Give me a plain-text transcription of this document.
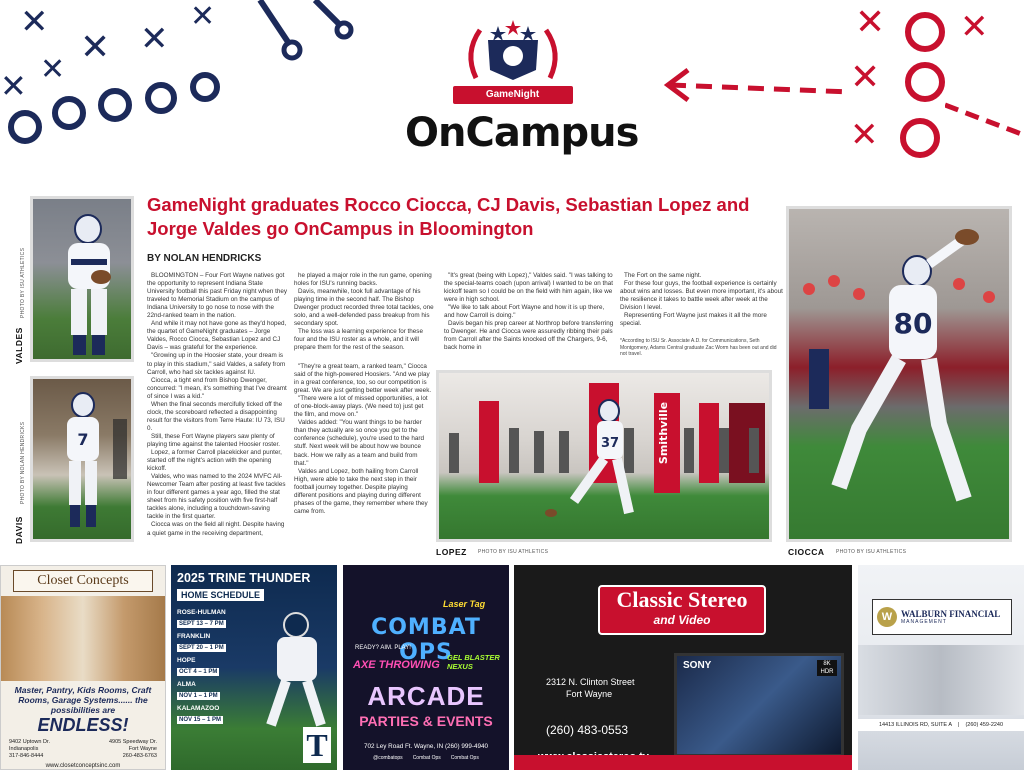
✕
✕ ✕
✕
✕ ✕
✕ ✕
✕
✕
GameNight
OnCampus
GameNight graduates Rocco Ciocca, CJ Davis, Sebastian Lopez and Jorge Valdes go OnCampus in Bloomington
BY NOLAN HENDRICKS

BLOOMINGTON – Four Fort Wayne natives got the opportunity to represent Indiana State University football this past Friday night when they traveled to Memorial Stadium on the campus of Indiana University to go nose to nose with the 22nd-ranked team in the nation.

And while it may not have gone as they'd hoped, the quartet of GameNight graduates – Jorge Valdes, Rocco Ciocca, Sebastian Lopez and CJ Davis – was grateful for the experience.

"Growing up in the Hoosier state, your dream is to play in this stadium," said Valdes, a safety from Carroll, who had six tackles against IU.

Ciocca, a tight end from Bishop Dwenger, concurred: "I mean, it's something that I've dreamt of since I was a kid."

When the final seconds mercifully ticked off the clock, the scoreboard reflected a disappointing result for the visitors from Terre Haute: IU 73, ISU 0.

Still, these Fort Wayne players saw plenty of playing time against the talented Hoosier roster.

Lopez, a former Carroll placekicker and punter, started off the night's action with the opening kickoff.

Valdes, who was named to the 2024 MVFC All-Newcomer Team after posting at least five tackles in four different games a year ago, filled the stat sheet from his safety position with five first-half tackles alone, including a touchdown-saving tackle in the first quarter.

Ciocca was on the field all night. Despite having a quiet game in the receiving department,

he played a major role in the run game, opening holes for ISU's running backs.

Davis, meanwhile, took full advantage of his playing time in the second half. The Bishop Dwenger product recorded three total tackles, one solo, and a well-defended pass breakup from his secondary spot.

The loss was a learning experience for these four and the ISU roster as a whole, and it will prepare them for the rest of the season.

"They're a great team, a ranked team," Ciocca said of the high-powered Hoosiers. "And we play in a great conference, too, so our competition is great. We are just getting better week after week.

"There were a lot of missed opportunities, a lot of one-block-away plays. (We need to) just get the film, and move on."

Valdes added: "You want things to be harder than they actually are so once you get to the conference (schedule), you're used to the hard stuff. Next week will be about how we bounce back. How we rally as a team and build from that."

Valdes and Lopez, both hailing from Carroll High, were able to take the next step in their football journey together. Despite playing different positions and playing during different phases of the game, they remember where they came from.

"It's great (being with Lopez)," Valdes said. "I was talking to the special-teams coach (upon arrival) I wanted to be on that kickoff team so I could be on the field with him again, like we were in high school.

"We like to talk about Fort Wayne and how it is up there, and how Carroll is doing."

Davis began his prep career at Northrop before transferring to Dwenger. He and Ciocca were assuredly ribbing their pals from Carroll after the Saints knocked off the Chargers, 9-6, back home in

The Fort on the same night.

For these four guys, the football experience is certainly about wins and losses. But even more important, it's about the resilience it takes to battle week after week at the Division I level.

Representing Fort Wayne just makes it all the more special.

*According to ISU Sr. Associate A.D. for Communications, Seth Montgomery, Adams Central graduate Zac Worm has been out and did not travel.
VALDES
PHOTO BY ISU ATHLETICS
7
DAVIS
PHOTO BY NOLAN HENDRICKS	Smithville
37
LOPEZ PHOTO BY ISU ATHLETICS
80
CIOCCA PHOTO BY ISU ATHLETICS
Closet Concepts
Master, Pantry, Kids Rooms, Craft Rooms, Garage Systems...... the possibilities are
ENDLESS!
9402 Uptown Dr.
Indianapolis
317-846-8444
4905 Speedway Dr.
Fort Wayne
260-483-6763
www.closetconceptsinc.com
2025 TRINE THUNDER
HOME SCHEDULE
ROSE-HULMAN
SEPT 13 – 7 PM
FRANKLIN
SEPT 20 – 1 PM
HOPE
OCT 4 – 1 PM
ALMA
NOV 1 – 1 PM
KALAMAZOO
NOV 15 – 1 PM
T
Laser Tag
COMBAT OPS
READY? AIM. PLAY!
AXE THROWING
GEL BLASTER NEXUS
ARCADE
PARTIES & EVENTS
702 Ley Road Ft. Wayne, IN (260) 999-4940
@combatops Combat Ops Combat Ops
Classic Stereo
and Video
2312 N. Clinton Street
Fort Wayne
(260) 483-0553
SONY	8K
HDR
W WALBURN FINANCIAL
MANAGEMENT
14413 ILLINOIS RD, SUITE A | (260) 459-2240
